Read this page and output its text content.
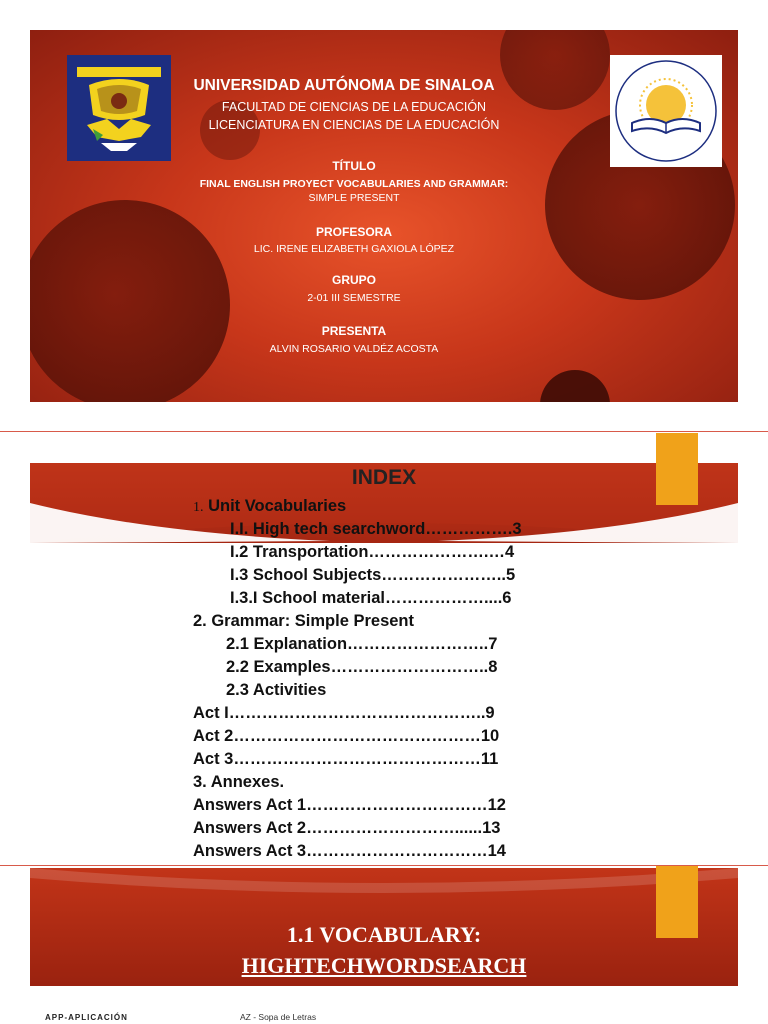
UNIVERSIDAD AUTÓNOMA DE SINALOA
FACULTAD DE CIENCIAS DE LA EDUCACIÓN
LICENCIATURA EN CIENCIAS DE LA EDUCACIÓN
TÍTULO
FINAL ENGLISH PROYECT VOCABULARIES AND GRAMMAR:
SIMPLE PRESENT
PROFESORA
LIC. IRENE ELIZABETH GAXIOLA LÓPEZ
GRUPO
2-01 III SEMESTRE
PRESENTA
ALVIN ROSARIO VALDÉZ ACOSTA
INDEX
1. Unit Vocabularies
I.I. High tech searchword…………….3
I.2 Transportation………………….…4
I.3 School Subjects…………………..5
I.3.I School material………………....6
2. Grammar: Simple Present
2.1 Explanation……………………..7
2.2 Examples………………………..8
2.3 Activities
Act I………………………………………..9
Act 2………………………………………10
Act 3………………………………………11
3. Annexes.
Answers Act 1……………………………12
Answers Act 2………………………......13
Answers Act 3……………………………14
1.1 VOCABULARY:
HIGHTECHWORDSEARCH
APP-APLICACIÓN	AZ - Sopa de Letras
